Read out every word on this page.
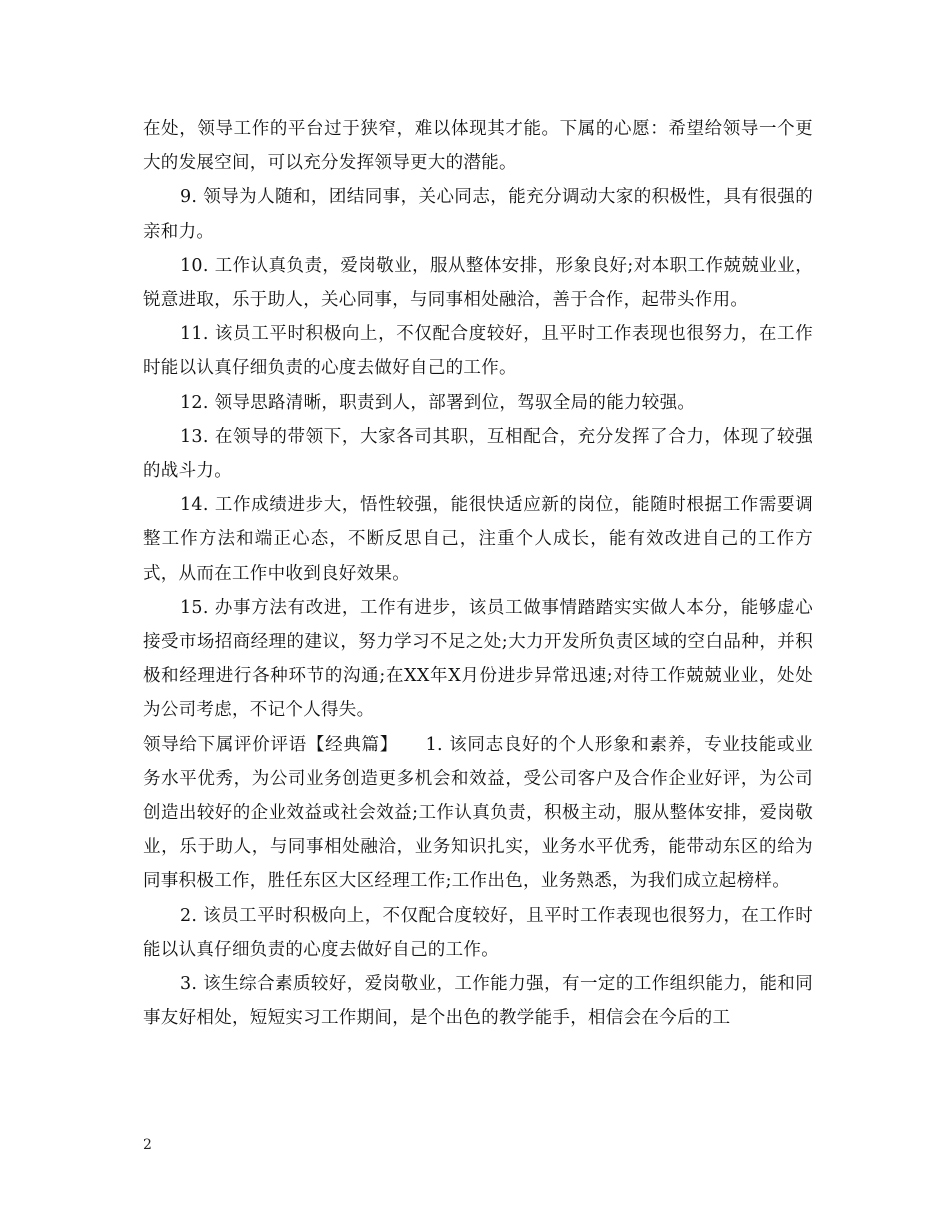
在处，领导工作的平台过于狭窄，难以体现其才能。下属的心愿：希望给领导一个更大的发展空间，可以充分发挥领导更大的潜能。

9. 领导为人随和，团结同事，关心同志，能充分调动大家的积极性，具有很强的亲和力。

10. 工作认真负责，爱岗敬业，服从整体安排，形象良好;对本职工作兢兢业业，锐意进取，乐于助人，关心同事，与同事相处融洽，善于合作，起带头作用。

11. 该员工平时积极向上，不仅配合度较好，且平时工作表现也很努力，在工作时能以认真仔细负责的心度去做好自己的工作。

12. 领导思路清晰，职责到人，部署到位，驾驭全局的能力较强。

13. 在领导的带领下，大家各司其职，互相配合，充分发挥了合力，体现了较强的战斗力。

14. 工作成绩进步大，悟性较强，能很快适应新的岗位，能随时根据工作需要调整工作方法和端正心态，不断反思自己，注重个人成长，能有效改进自己的工作方式，从而在工作中收到良好效果。

15. 办事方法有改进，工作有进步，该员工做事情踏踏实实做人本分，能够虚心接受市场招商经理的建议，努力学习不足之处;大力开发所负责区域的空白品种，并积极和经理进行各种环节的沟通;在XX年X月份进步异常迅速;对待工作兢兢业业，处处为公司考虑，不记个人得失。

领导给下属评价评语【经典篇】　　1. 该同志良好的个人形象和素养，专业技能或业务水平优秀，为公司业务创造更多机会和效益，受公司客户及合作企业好评，为公司创造出较好的企业效益或社会效益;工作认真负责，积极主动，服从整体安排，爱岗敬业，乐于助人，与同事相处融洽，业务知识扎实，业务水平优秀，能带动东区的给为同事积极工作，胜任东区大区经理工作;工作出色，业务熟悉，为我们成立起榜样。

2. 该员工平时积极向上，不仅配合度较好，且平时工作表现也很努力，在工作时能以认真仔细负责的心度去做好自己的工作。

3. 该生综合素质较好，爱岗敬业，工作能力强，有一定的工作组织能力，能和同事友好相处，短短实习工作期间，是个出色的教学能手，相信会在今后的工

2
